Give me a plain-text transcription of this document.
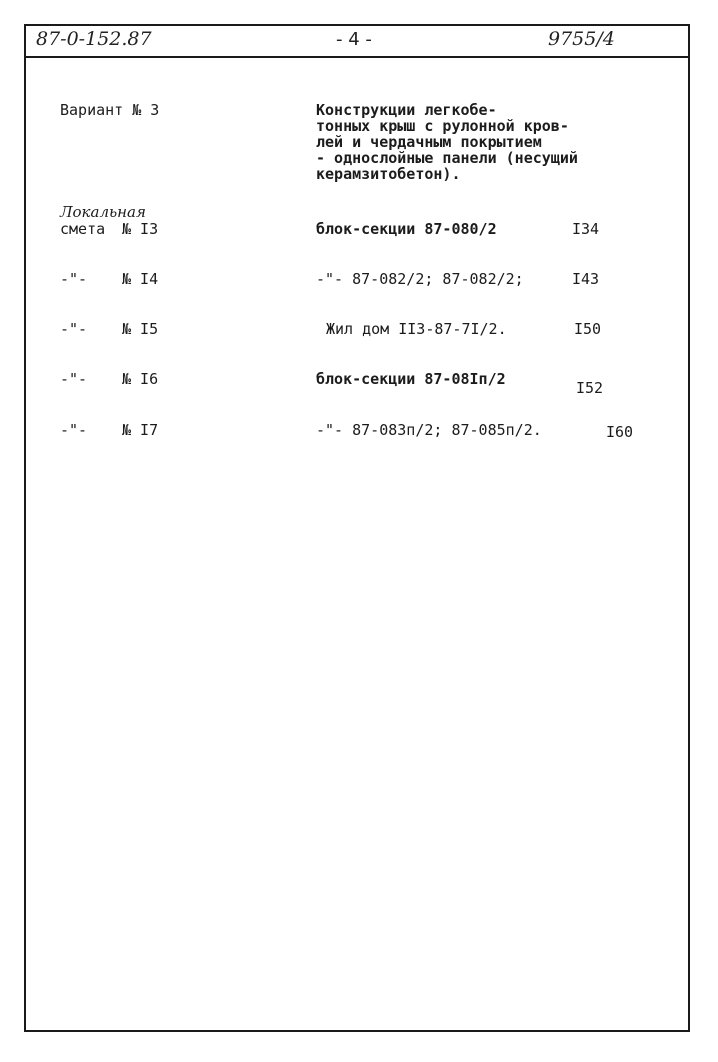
87-0-152.87	- 4 -	9755/4
Вариант № 3	Конструкции легкобе-
тонных крыш с рулонной кров-
лей и чердачным покрытием
- однослойные панели (несущий
керамзитобетон).
Локальная
смета № I3	блок-секции 87-080/2	I34
-"- № I4	-"- 87-082/2; 87-082/2;	I43
-"- № I5	Жил дом II3-87-7I/2.	I50
-"- № I6	блок-секции 87-08Iп/2	I52
-"- № I7	-"- 87-083п/2; 87-085п/2.	I60
